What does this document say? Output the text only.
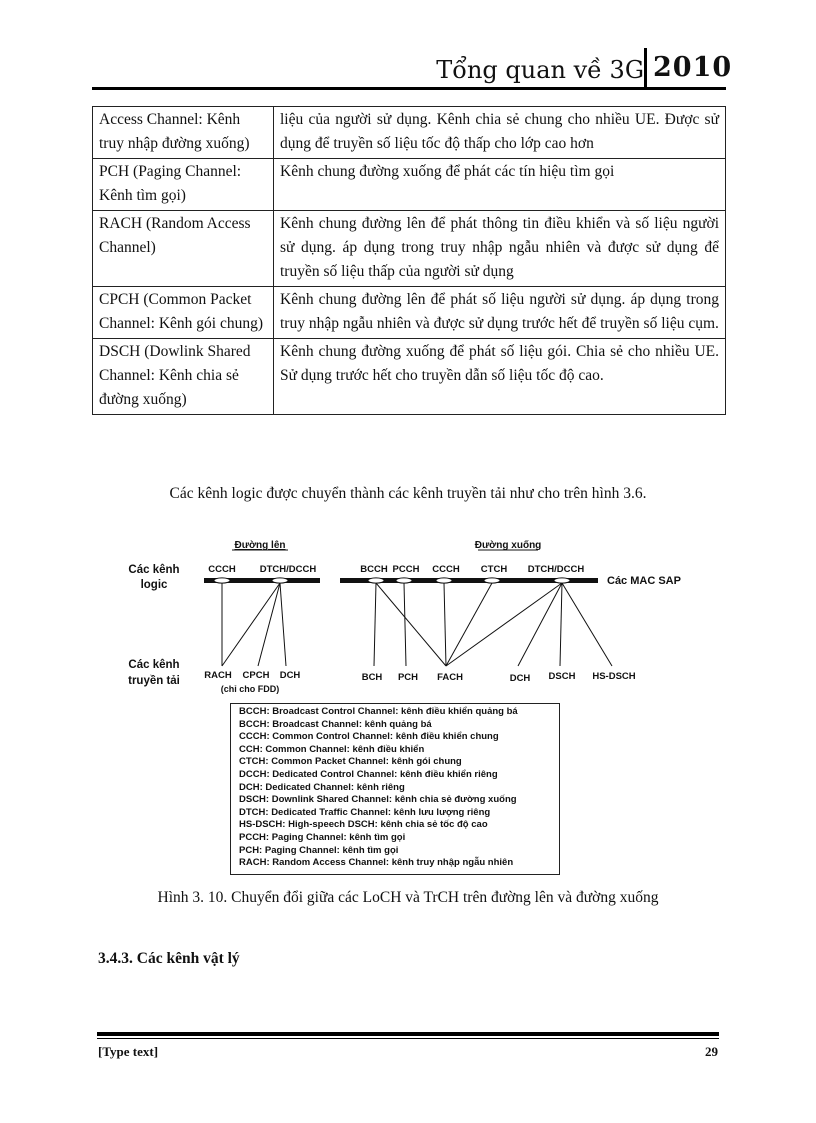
Tổng quan về 3G 2010
Access Channel: Kênh truy nhập đường xuống)	liệu của người sử dụng. Kênh chia sẻ chung cho nhiều UE. Được sử dụng để truyền số liệu tốc độ thấp cho lớp cao hơn
PCH (Paging Channel: Kênh tìm gọi)	Kênh chung đường xuống để phát các tín hiệu tìm gọi
RACH (Random Access Channel)	Kênh chung đường lên để phát thông tin điều khiển và số liệu người sử dụng. áp dụng trong truy nhập ngẫu nhiên và được sử dụng để truyền số liệu thấp của người sử dụng
CPCH (Common Packet Channel: Kênh gói chung)	Kênh chung đường lên để phát số liệu người sử dụng. áp dụng trong truy nhập ngẫu nhiên và được sử dụng trước hết để truyền số liệu cụm.
DSCH (Dowlink Shared Channel: Kênh chia sẻ đường xuống)	Kênh chung đường xuống để phát số liệu gói. Chia sẻ cho nhiều UE. Sử dụng trước hết cho truyền dẫn số liệu tốc độ cao.
Các kênh logic được chuyển thành các kênh truyền tải như cho trên hình 3.6.
Đường lên	Đường xuống
Các kênh
logic
Các kênh
truyền tải
Các MAC SAP
CCCH	DTCH/DCCH	BCCH PCCH CCCH CTCH DTCH/DCCH
RACH CPCH DCH
(chỉ cho FDD)
BCH PCH FACH	DCH DSCH HS-DSCH
BCCH: Broadcast Control Channel: kênh điều khiển quảng bá
BCCH: Broadcast Channel: kênh quảng bá
CCCH: Common Control Channel: kênh điều khiển chung
CCH: Common Channel: kênh điều khiển
CTCH: Common Packet Channel: kênh gói chung
DCCH: Dedicated Control Channel: kênh điều khiển riêng
DCH: Dedicated Channel: kênh riêng
DSCH: Downlink Shared Channel: kênh chia sẻ đường xuống
DTCH: Dedicated Traffic Channel: kênh lưu lượng riêng
HS-DSCH: High-speech DSCH: kênh chia sẻ tốc độ cao
PCCH: Paging Channel: kênh tìm gọi
PCH: Paging Channel: kênh tìm gọi
RACH: Random Access Channel: kênh truy nhập ngẫu nhiên
Hình 3. 10. Chuyển đổi giữa các LoCH và TrCH trên đường lên và đường xuống
3.4.3. Các kênh vật lý
[Type text]	29
